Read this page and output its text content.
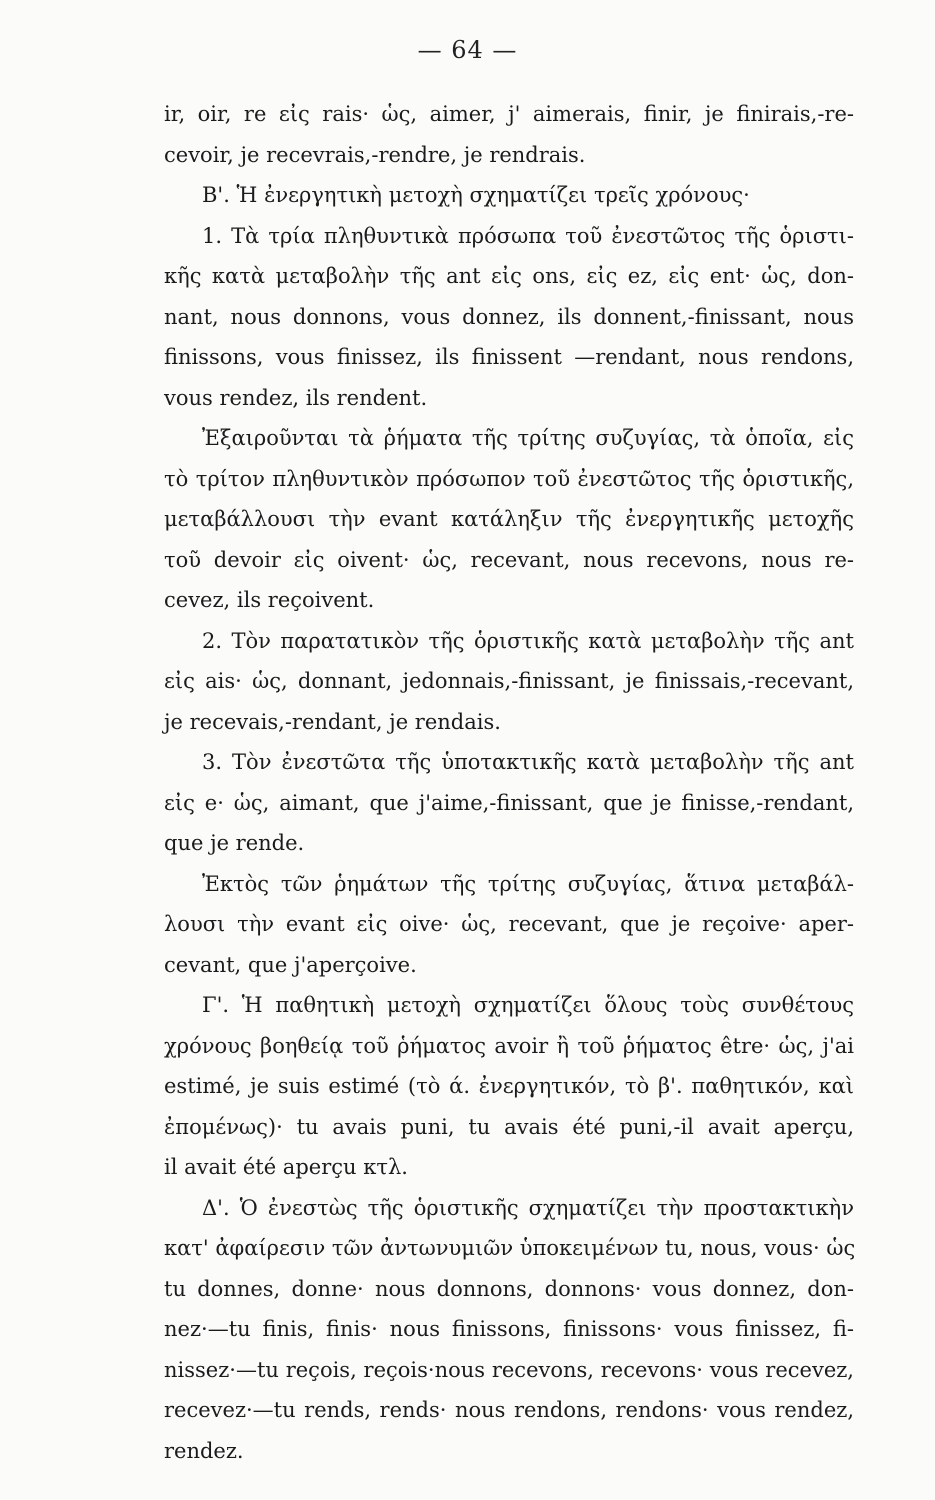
— 64 —
ir, oir, re εἰς rais· ὡς, aimer, j' aimerais, finir, je finirais,-re-
cevoir, je recevrais,-rendre, je rendrais.
Β'. Ἡ ἐνεργητικὴ μετοχὴ σχηματίζει τρεῖς χρόνους·
1. Τὰ τρία πληθυντικὰ πρόσωπα τοῦ ἐνεστῶτος τῆς ὁριστι-
κῆς κατὰ μεταβολὴν τῆς ant εἰς ons, εἰς ez, εἰς ent· ὡς, don-
nant, nous donnons, vous donnez, ils donnent,-finissant, nous
finissons, vous finissez, ils finissent —rendant, nous rendons,
vous rendez, ils rendent.
Ἐξαιροῦνται τὰ ῥήματα τῆς τρίτης συζυγίας, τὰ ὁποῖα, εἰς
τὸ τρίτον πληθυντικὸν πρόσωπον τοῦ ἐνεστῶτος τῆς ὁριστικῆς,
μεταβάλλουσι τὴν evant κατάληξιν τῆς ἐνεργητικῆς μετοχῆς
τοῦ devoir εἰς oivent· ὡς, recevant, nous recevons, nous re-
cevez, ils reçoivent.
2. Τὸν παρατατικὸν τῆς ὁριστικῆς κατὰ μεταβολὴν τῆς ant
εἰς ais· ὡς, donnant, jedonnais,-finissant, je finissais,-recevant,
je recevais,-rendant, je rendais.
3. Τὸν ἐνεστῶτα τῆς ὑποτακτικῆς κατὰ μεταβολὴν τῆς ant
εἰς e· ὡς, aimant, que j'aime,-finissant, que je finisse,-rendant,
que je rende.
Ἐκτὸς τῶν ῥημάτων τῆς τρίτης συζυγίας, ἅτινα μεταβάλ-
λουσι τὴν evant εἰς oive· ὡς, recevant, que je reçoive· aper-
cevant, que j'aperçoive.
Γ'. Ἡ παθητικὴ μετοχὴ σχηματίζει ὅλους τοὺς συνθέτους
χρόνους βοηθείᾳ τοῦ ῥήματος avoir ἢ τοῦ ῥήματος être· ὡς, j'ai
estimé, je suis estimé (τὸ ά. ἐνεργητικόν, τὸ β'. παθητικόν, καὶ
ἐπομένως)· tu avais puni, tu avais été puni,-il avait aperçu,
il avait été aperçu κτλ.
Δ'. Ὁ ἐνεστὼς τῆς ὁριστικῆς σχηματίζει τὴν προστακτικὴν
κατ' ἀφαίρεσιν τῶν ἀντωνυμιῶν ὑποκειμένων tu, nous, vous· ὡς
tu donnes, donne· nous donnons, donnons· vous donnez, don-
nez·—tu finis, finis· nous finissons, finissons· vous finissez, fi-
nissez·—tu reçois, reçois·nous recevons, recevons· vous recevez,
recevez·—tu rends, rends· nous rendons, rendons· vous rendez,
rendez.
